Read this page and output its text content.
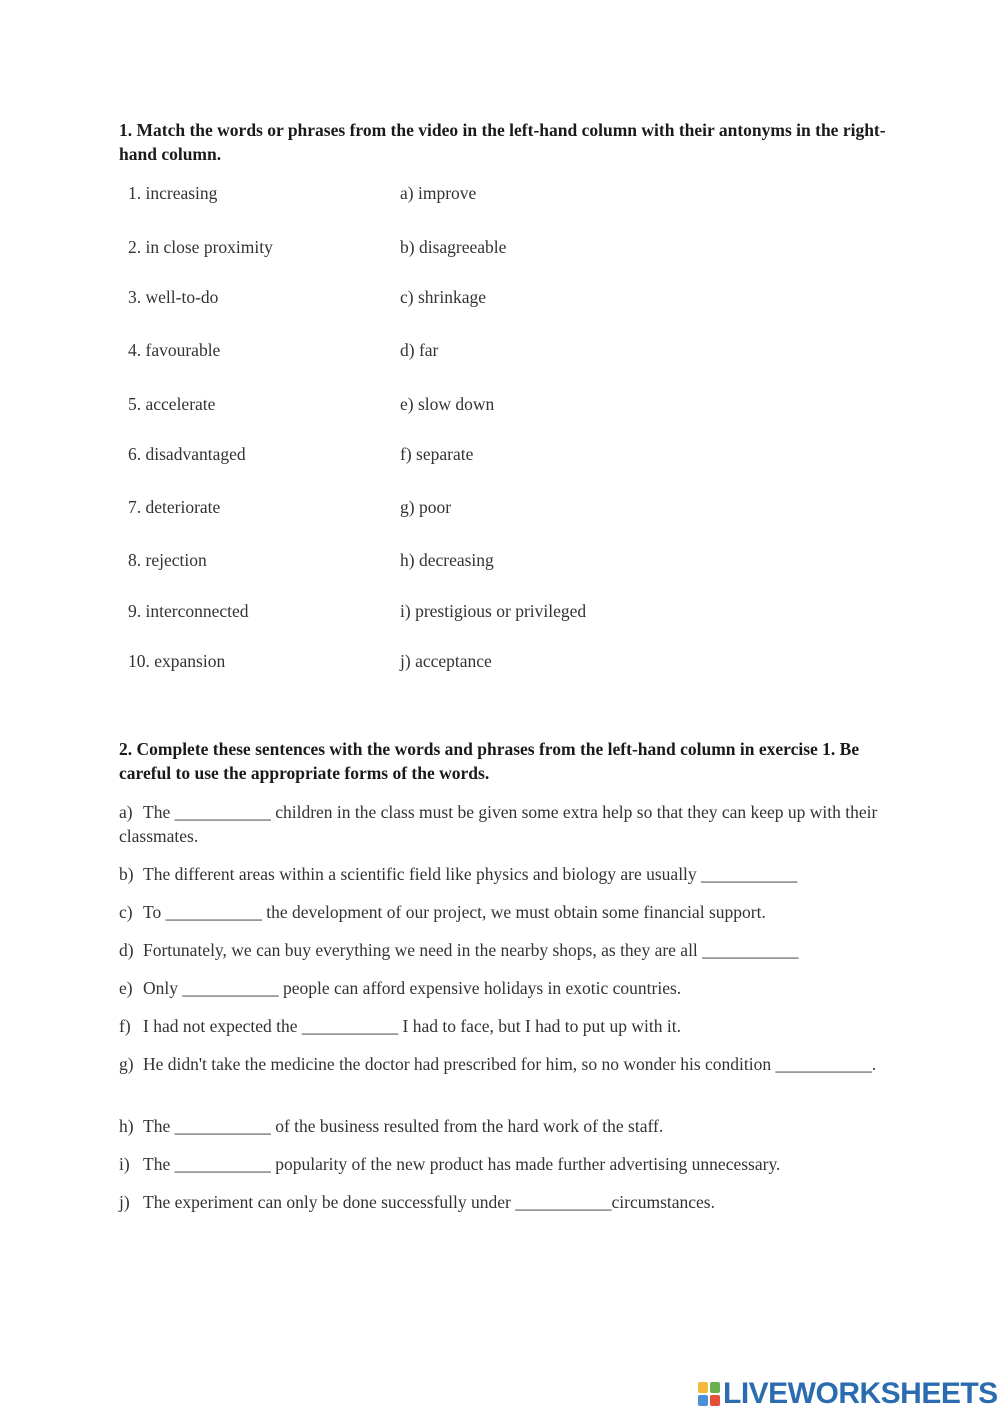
1. Match the words or phrases from the video in the left-hand column with their antonyms in the right-hand column.
1. increasing
2. in close proximity
3. well-to-do
4. favourable
5. accelerate
6. disadvantaged
7. deteriorate
8. rejection
9. interconnected
10. expansion
a) improve
b) disagreeable
c) shrinkage
d) far
e) slow down
f) separate
g) poor
h) decreasing
i) prestigious or privileged
j) acceptance
2. Complete these sentences with the words and phrases from the left-hand column in exercise 1. Be careful to use the appropriate forms of the words.
a) The ___________ children in the class must be given some extra help so that they can keep up with their classmates.
b) The different areas within a scientific field like physics and biology are usually ___________
c) To ___________ the development of our project, we must obtain some financial support.
d) Fortunately, we can buy everything we need in the nearby shops, as they are all ___________
e) Only ___________ people can afford expensive holidays in exotic countries.
f) I had not expected the ___________ I had to face, but I had to put up with it.
g) He didn't take the medicine the doctor had prescribed for him, so no wonder his condition ___________.
h) The ___________ of the business resulted from the hard work of the staff.
i) The ___________ popularity of the new product has made further advertising unnecessary.
j) The experiment can only be done successfully under ___________circumstances.
LIVEWORKSHEETS
